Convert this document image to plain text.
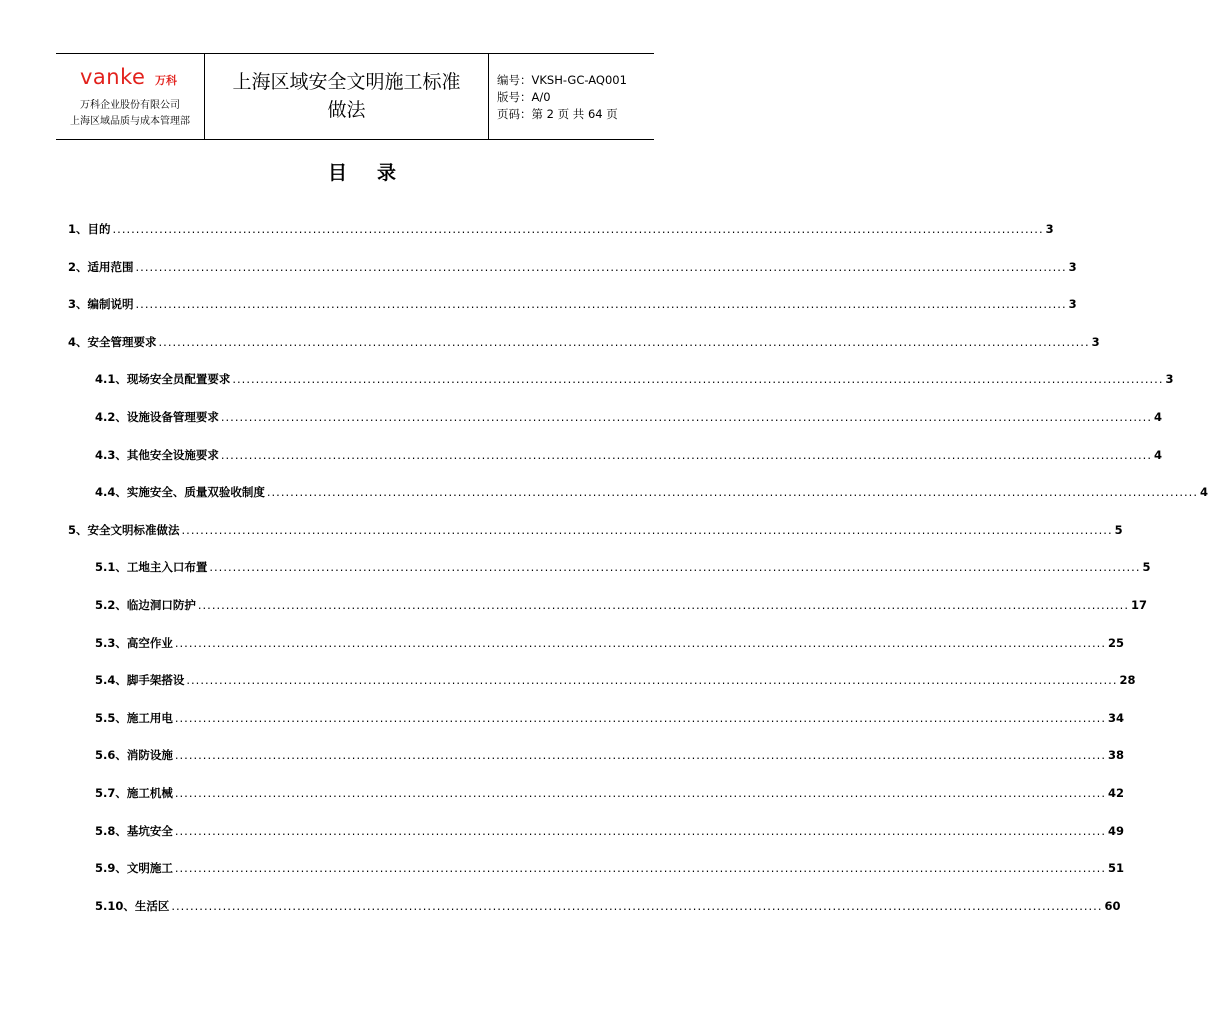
vanke 万科
万科企业股份有限公司
上海区域品质与成本管理部
上海区域安全文明施工标准
做法
编号：VKSH-GC-AQ001
版号：A/0
页码：第 2 页 共 64 页
目录
1、目的 ........................................................................................................................................................................................................ 3
2、适用范围 ........................................................................................................................................................................................................ 3
3、编制说明 ........................................................................................................................................................................................................ 3
4、安全管理要求 ........................................................................................................................................................................................................ 3
4.1、现场安全员配置要求 ........................................................................................................................................................................................................ 3
4.2、设施设备管理要求 ........................................................................................................................................................................................................ 4
4.3、其他安全设施要求 ........................................................................................................................................................................................................ 4
4.4、实施安全、质量双验收制度 ........................................................................................................................................................................................................ 4
5、安全文明标准做法 ........................................................................................................................................................................................................ 5
5.1、工地主入口布置 ........................................................................................................................................................................................................ 5
5.2、临边洞口防护 ........................................................................................................................................................................................................ 17
5.3、高空作业 ........................................................................................................................................................................................................ 25
5.4、脚手架搭设 ........................................................................................................................................................................................................ 28
5.5、施工用电 ........................................................................................................................................................................................................ 34
5.6、消防设施 ........................................................................................................................................................................................................ 38
5.7、施工机械 ........................................................................................................................................................................................................ 42
5.8、基坑安全 ........................................................................................................................................................................................................ 49
5.9、文明施工 ........................................................................................................................................................................................................ 51
5.10、生活区 ........................................................................................................................................................................................................ 60
